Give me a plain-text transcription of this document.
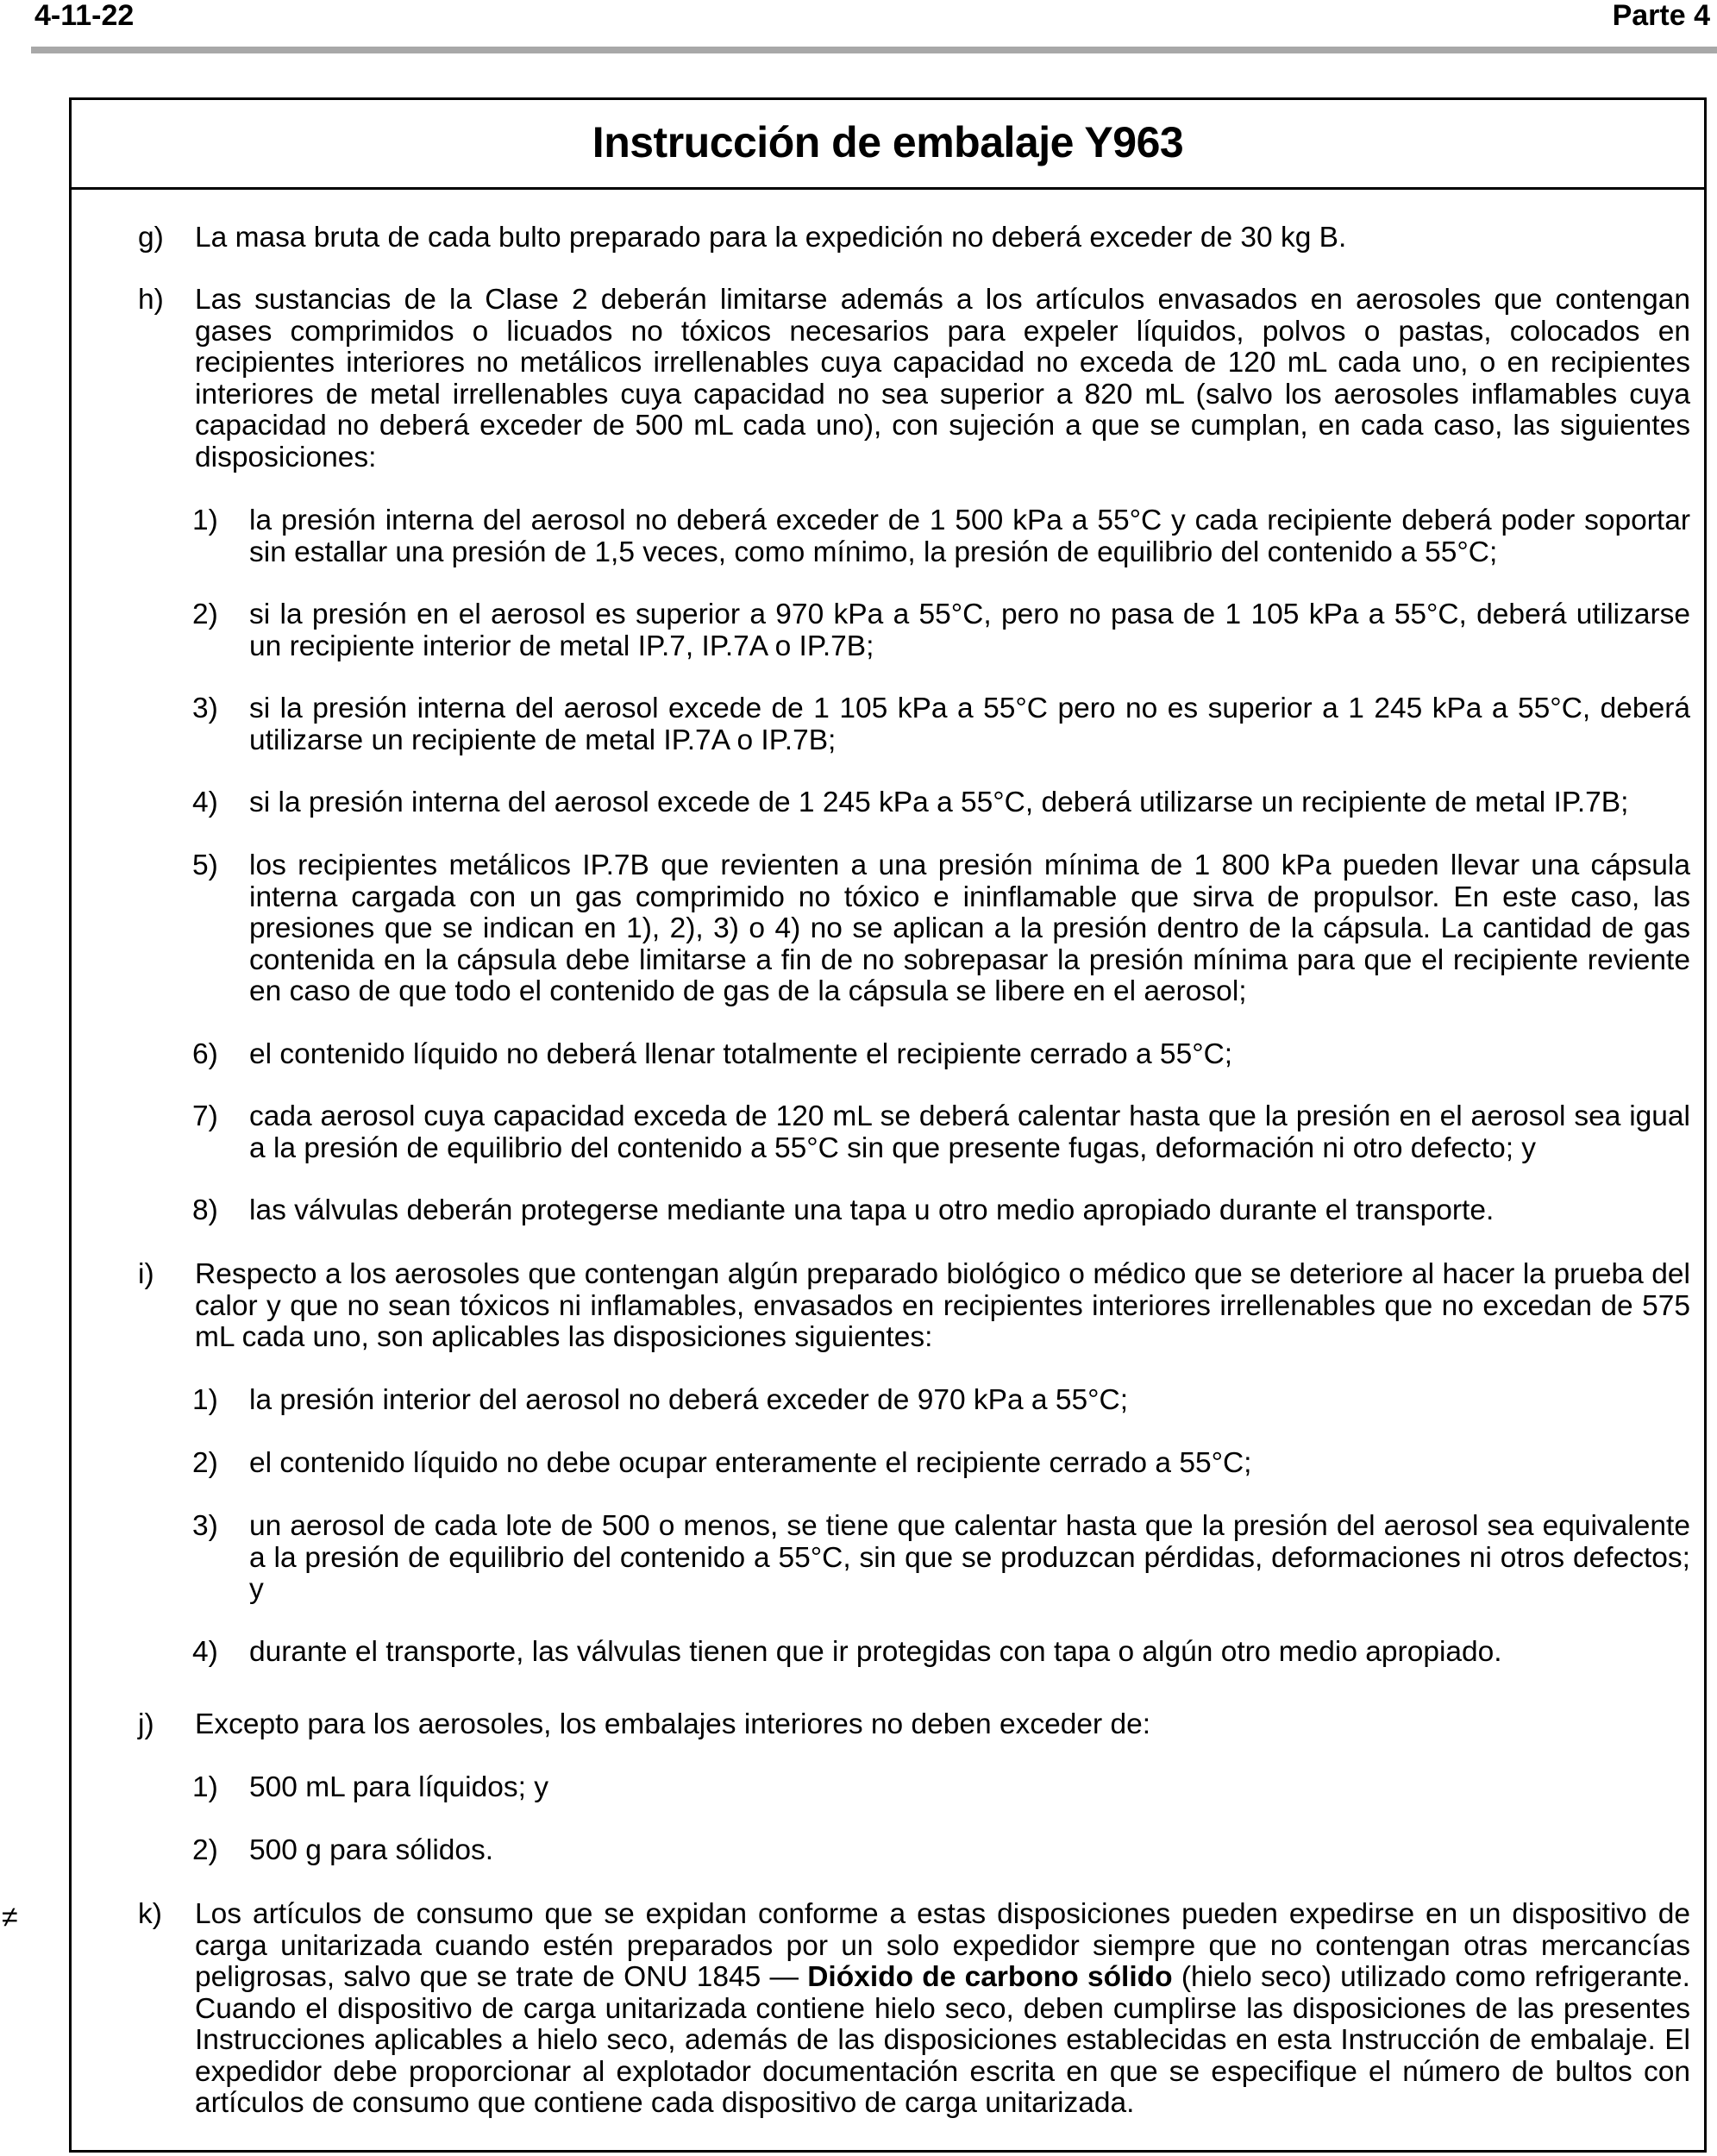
4-11-22	Parte 4
Instrucción de embalaje Y963
≠
g) La masa bruta de cada bulto preparado para la expedición no deberá exceder de 30 kg B.
h) Las sustancias de la Clase 2 deberán limitarse además a los artículos envasados en aerosoles que contengan gases comprimidos o licuados no tóxicos necesarios para expeler líquidos, polvos o pastas, colocados en recipientes interiores no metálicos irrellenables cuya capacidad no exceda de 120 mL cada uno, o en recipientes interiores de metal irrellenables cuya capacidad no sea superior a 820 mL (salvo los aerosoles inflamables cuya capacidad no deberá exceder de 500 mL cada uno), con sujeción a que se cumplan, en cada caso, las siguientes disposiciones:
1) la presión interna del aerosol no deberá exceder de 1 500 kPa a 55°C y cada recipiente deberá poder soportar sin estallar una presión de 1,5 veces, como mínimo, la presión de equilibrio del contenido a 55°C;
2) si la presión en el aerosol es superior a 970 kPa a 55°C, pero no pasa de 1 105 kPa a 55°C, deberá utilizarse un recipiente interior de metal IP.7, IP.7A o IP.7B;
3) si la presión interna del aerosol excede de 1 105 kPa a 55°C pero no es superior a 1 245 kPa a 55°C, deberá utilizarse un recipiente de metal IP.7A o IP.7B;
4) si la presión interna del aerosol excede de 1 245 kPa a 55°C, deberá utilizarse un recipiente de metal IP.7B;
5) los recipientes metálicos IP.7B que revienten a una presión mínima de 1 800 kPa pueden llevar una cápsula interna cargada con un gas comprimido no tóxico e ininflamable que sirva de propulsor. En este caso, las presiones que se indican en 1), 2), 3) o 4) no se aplican a la presión dentro de la cápsula. La cantidad de gas contenida en la cápsula debe limitarse a fin de no sobrepasar la presión mínima para que el recipiente reviente en caso de que todo el contenido de gas de la cápsula se libere en el aerosol;
6) el contenido líquido no deberá llenar totalmente el recipiente cerrado a 55°C;
7) cada aerosol cuya capacidad exceda de 120 mL se deberá calentar hasta que la presión en el aerosol sea igual a la presión de equilibrio del contenido a 55°C sin que presente fugas, deformación ni otro defecto; y
8) las válvulas deberán protegerse mediante una tapa u otro medio apropiado durante el transporte.
i) Respecto a los aerosoles que contengan algún preparado biológico o médico que se deteriore al hacer la prueba del calor y que no sean tóxicos ni inflamables, envasados en recipientes interiores irrellenables que no excedan de 575 mL cada uno, son aplicables las disposiciones siguientes:
1) la presión interior del aerosol no deberá exceder de 970 kPa a 55°C;
2) el contenido líquido no debe ocupar enteramente el recipiente cerrado a 55°C;
3) un aerosol de cada lote de 500 o menos, se tiene que calentar hasta que la presión del aerosol sea equivalente a la presión de equilibrio del contenido a 55°C, sin que se produzcan pérdidas, deformaciones ni otros defectos; y
4) durante el transporte, las válvulas tienen que ir protegidas con tapa o algún otro medio apropiado.
j) Excepto para los aerosoles, los embalajes interiores no deben exceder de:
1) 500 mL para líquidos; y
2) 500 g para sólidos.
k) Los artículos de consumo que se expidan conforme a estas disposiciones pueden expedirse en un dispositivo de carga unitarizada cuando estén preparados por un solo expedidor siempre que no contengan otras mercancías peligrosas, salvo que se trate de ONU 1845 — Dióxido de carbono sólido (hielo seco) utilizado como refrigerante. Cuando el dispositivo de carga unitarizada contiene hielo seco, deben cumplirse las disposiciones de las presentes Instrucciones aplicables a hielo seco, además de las disposiciones establecidas en esta Instrucción de embalaje. El expedidor debe proporcionar al explotador documentación escrita en que se especifique el número de bultos con artículos de consumo que contiene cada dispositivo de carga unitarizada.
